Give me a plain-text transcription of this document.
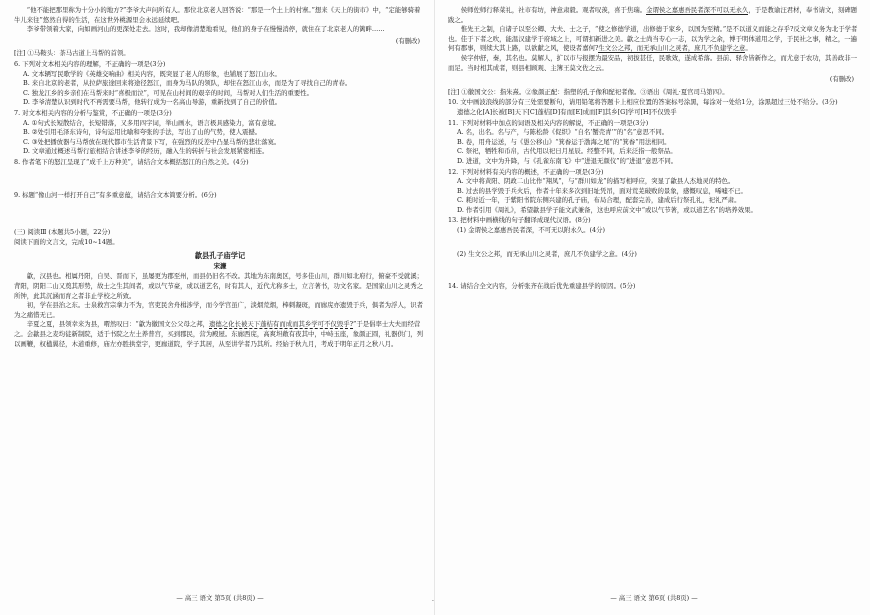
“他不能把那里称为十分小的地方?”李爷大声问所有人。那位北京老人回答说：“那是一个土上的村寨。”想来《天上的街市》中，“定能够骑着牛儿来往”悠然自得的生活，在这世外桃源里会永远延续吧。

李爷带领着大家，向如画河山的更深处走去。这时，我却像清楚地看见，他们的身子在慢慢消停，就住在了北京老人的篱畔……

(有删改)

[注] ①马鞍头：茶马古道上马帮的首领。

6. 下列对文本相关内容的理解，不正确的一项是(3分)

A. 文本辆写民歌学的《英雄交响曲》相关内容，既突显了老人的形象，也铺展了怒江山水。

B. 来自北京的老者，从拉萨旅途回来将途径怒江，而身为马队的领队，却住在怒江山水，而是为了寻找自己的青春。

C. 独龙江乡的乡亲们在马帮来时“喜极而泣”，可见在山村间的艰辛的时间，马帮对人们生活的重要性。

D. 李爷清楚认识到时代不再需要马帮，他转行成为一名高山导游，重新找到了自己的价值。

7. 对文本相关内容的分析与鉴赏，不正确的一项是(3分)

A. ①句式长短散结合，长短错落，又多用四字词，举山画水，语言极具感染力，富有意境。

B. ②处引用毛泽东诗句，诗句运用比喻和夸张的手法，写出了山的气势，使人震撼。

C. ③处把播放器与马帮放在现代都市生活背景下写，在强烈的反差中凸显马帮的悲壮落寞。

D. 文章通过概述马帮行旅相结合讲述李爷的经历，融入生的转折与社会发展紧密相连。

8. 作者笔下的怒江呈现了“成千上万种美”，请结合文本概括怒江的自然之美。(4分)

9. 标题“像山河一样打开自己”有多重意蕴，请结合文本简要分析。(6分)

(三) 阅读Ⅲ (本题共5小题，22分)

阅读下面的文言文，完成10~14题。

歙县孔子庙学记

宋濂

歙，汉县也。相属丹阳，自吴、晋而下，虽屡更为郡至州，而县仍旧名不改。其地为东南奥区，号多佳山川，群川如北府行，俯豪不受就溪；背阳，阴阳二山又奠其形势，故士之生其间者，或以气节豪，或以道艺名，时有其人，近代尤称多士，立言著书，功文名家。是国家山川之灵秀之所钟，此其沉涵而育之者非止学校之所致。

初，学在县治之东。士泉救宫宗拿力不为，官吏民舍舟楫涉学，而今学宫虽广，淡烟荒烟，棒刺凝斑，而廊庑亦遗毁于兵，俱者为浮人，识者为之痛惜无已。

辛夏之夏，县领幸来为县，喟然叹曰：“歙为徽国文公父母之邦，遗德之化长被天下蓬桔有而成而其乡学可不仅毁乎?”于是倡率士大夫而经营之。会歙县之麦均徒新制院，适于书院之左土养普宫，买到郡民，营为殿屋。东廊西庑，高爽坦敞有夜其中，中峙玉座，象颜正圆，礼器供门，列以画鞭，权楹翼径，木道重修，庙左亦胜拱堂宇，更廊道院，学子其居，从至讲学者乃其所。经始于秋九月，考成于明年正月之秋八月。

— 高三 语文 第5页 (共8页) —	·

侯师佐师行释菜礼，社市有坊，神意肃毅。观者叹羡，喜于焦瑞。金谓侯之嘉惠吾民者深不可以无永久，于是教谕汪君材，奉书请文，刻碑题跋之。

惟先王之制，自诸子以至公卿、大夫、士之子，“使之修德学道，出修德于家乡，以国为至精。”是不以道义而能之存乎?反文章义务为北于学者也。佳于下者之吹，能温汉建学于府域之上，可谓扣新进之美。歙之士尚当专心一志，以为学之余，博于明体道用之学，于民社之事，精之，一遍何有郡事，则续大其上路，以欲献之风，使设者嘉何?生文公之邦，而无承山川之灵者，庶几不负建学之意。

侯字仲舒，秦，其名也。莫解人，扩以市与报摆为最安品，初拔甚任，民歌效，遂成希落。县前、驿舍皆新作之，而尤意于农功，其善政非一而足。当时相其成者，则县相顾观、主簿王莫文佐之云。

(有删改)

[注] ①徽国文公：指朱熹。②象颜正配：指塑的孔子像和配祀者像。③语出《周礼·夏官司马第四》。

10. 文中画波浪线的部分有三处需要断句，请用铅笔将答题卡上相应位置的答案标号涂黑，每涂对一处给1分，涂黑超过三处不给分。(3分)

遗德之化[A]长被[B]天下[C]蓬桔[D]有而[E]成而[F]其乡[G]学可[H]不仅毁乎

11. 下列对材料中加点的词语及相关内容的解说，不正确的一项是(3分)

A. 名，出名。名与产，与陈松龄《促织》“自名‘蟹壳青’”的“名”意思不同。

B. 卷，用舟运送，与《愚公移山》“箕畚运于渤海之尾”的“箕畚”用法相同。

C. 祭祀，牺牲和币帛，古代用以祀日月星辰。经整不同，后来泛指一般祭品。

D. 进道，文中为升降，与《孔雀东南飞》中“进退无颜仪”的“进退”意思不同。

12. 下列对材料有关内容的概述，不正确的一项是(3分)

A. 文中将黄阳、阴政二山比作“翔凤”，与“群川如龙”的描写相呼应，突显了歙县人杰地灵的特色。

B. 过去的县学毁于兵火后，作者十年来多次到旧址凭吊，面对荒芜破败的景象，感慨叹息，唏嘘不已。

C. 耗时近一年，于紫阳书院东侧兴建的孔子庙，布局合理，配套完善，建成后行祭孔礼，祀礼严肃。

D. 作者引用《周礼》，希望歙县学子能文武兼备，这也呼应前文中“或以气节著，或以道艺名”的培养效果。

13. 把材料中画横线的句子翻译成现代汉语。(8分)

(1) 金谓侯之嘉惠吾民者深，不可无以附永久。(4分)

(2) 生文公之邦，而无承山川之灵者，庶几不负建学之意。(4分)

14. 请结合全文内容，分析张齐在战后优先重建县学的原因。(5分)

— 高三 语文 第6页 (共8页) —
